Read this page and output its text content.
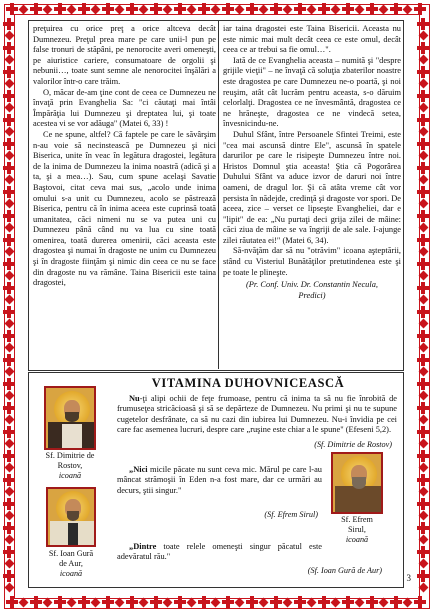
preţuirea cu orice preţ a orice altceva decât Dumnezeu. Preţul prea mare pe care unii-l pun pe false tronuri de stăpâni, pe nenorocite averi omeneşti, pe aiuristice cariere, consumatoare de orgolii şi nebunii…, toate sunt semne ale nenorocitei înşălări a valorilor într-o care trăim.

O, măcar de-am ţine cont de ceea ce Dumnezeu ne învaţă prin Evanghelia Sa: "ci căutaţi mai întâi Împărăţia lui Dumnezeu şi dreptatea lui, şi toate acestea vi se vor adăuga" (Matei 6, 33) !

Ce ne spune, altfel? Că faptele pe care le săvârşim n-au voie să necinstească pe Dumnezeu şi nici Biserica, unite în veac în legătura dragostei, legătura de la inima de Dumnezeu la inima noastră (adică şi a ta, şi a mea…). Sau, cum spune acelaşi Savatie Baştovoi, citat ceva mai sus, „acolo unde inima omului s-a unit cu Dumnezeu, acolo se păstrează Biserica, pentru că în inima aceea este cuprinsă toată umanitatea, căci nimeni nu se va putea uni cu Dumnezeu până când nu va lua cu sine toată omenirea, toată durerea omenirii, căci aceasta este dragostea şi numai în dragoste ne unim cu Dumnezeu şi în dragoste fiinţăm şi nimic din ceea ce nu se face din dragoste nu va rămâne. Taina Bisericii este taina dragostei,

iar taina dragostei este Taina Bisericii. Aceasta nu este nimic mai mult decât ceea ce este omul, decât ceea ce ar trebui sa fie omul…".

Iată de ce Evanghelia aceasta – numită şi "despre grijile vieţii" – ne învaţă că soluţia zbaterilor noastre este dragostea pe care Dumnezeu ne-o poartă, şi noi reuşim, atât cât lucrăm pentru aceasta, s-o dăruim celorlalţi. Dragostea ce ne învesmântă, dragostea ce ne hrăneşte, dragostea ce ne vindecă setea, învesnicindu-ne.

Duhul Sfânt, între Persoanele Sfintei Treimi, este "cea mai ascunsă dintre Ele", ascunsă în spatele darurilor pe care le risipeşte Dumnezeu între noi. Hristos Domnul ştia aceasta! Ştia că Pogorârea Duhului Sfânt va aduce izvor de daruri noi între oameni, de dragul lor. Şi că atâta vreme cât vor persista în nădejde, credinţă şi dragoste vor spori. De aceea, zice – verset ce lipseşte Evangheliei, dar e "lipit" de ea: „Nu purtaţi deci grija zilei de mâine: căci ziua de mâine se va îngriji de ale sale. I-ajunge zilei răutatea ei!" (Matei 6, 34).

Să-nvăţăm dar să nu "otrăvim" icoana aşteptării, stând cu Visteriul Bunătăţilor pretutindenea este şi pe toate le plineşte.

(Pr. Conf. Univ. Dr. Constantin Necula,
Predici)
VITAMINA DUHOVNICEASCĂ
Sf. Dimitrie de
Rostov,
icoană
Sf. Ioan Gură
de Aur,
icoană
Sf. Efrem
Sirul,
icoană
Nu-ţi alipi ochii de feţe frumoase, pentru că inima ta să nu fie înrobită de frumuseţea stricăcioasă şi să se depărteze de Dumnezeu. Nu primi şi nu te supune cugetelor desfrânate, ca să nu cazi din iubirea lui Dumnezeu. Nu-i învidia pe cei care fac asemenea lucruri, despre care „ruşine este chiar a le spune" (Efeseni 5,2).
(Sf. Dimitrie de Rostov)
„Nici micile păcate nu sunt ceva mic. Mărul pe care l-au mâncat strămoşii în Eden n-a fost mare, dar ce urmări au decurs, ştii singur."
(Sf. Efrem Sirul)
„Dintre toate relele omeneşti singur păcatul este adevăratul rău."
(Sf. Ioan Gură de Aur)
3
